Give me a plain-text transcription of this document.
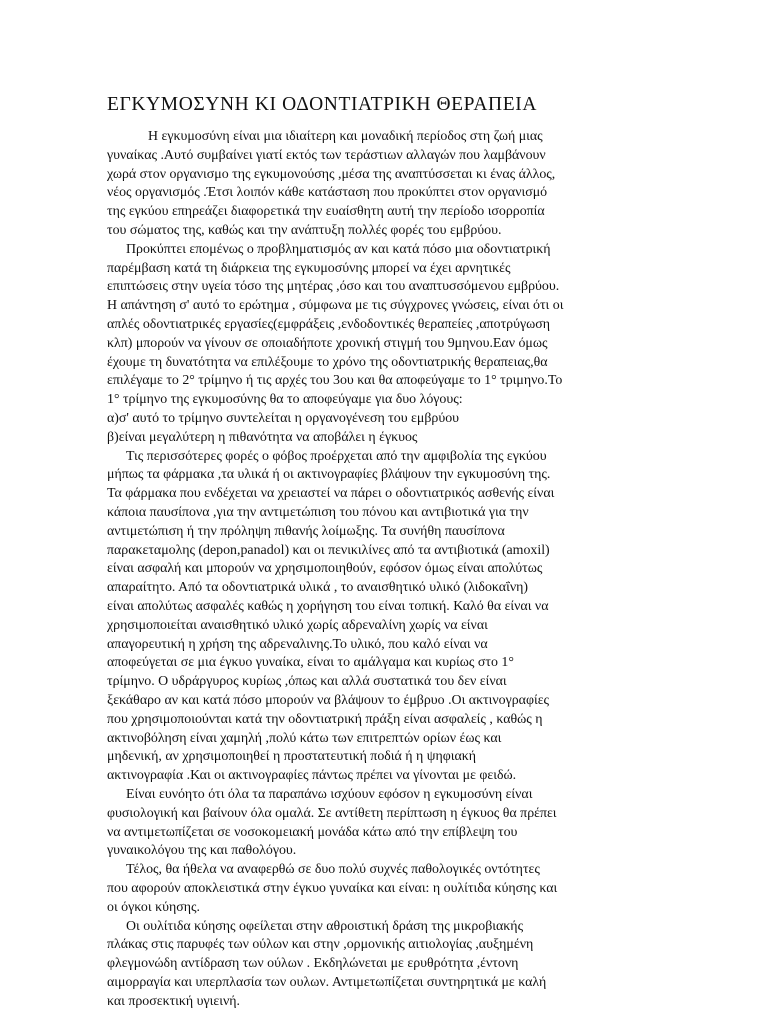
ΕΓΚΥΜΟΣΥΝΗ ΚΙ ΟΔΟΝΤΙΑΤΡΙΚΗ ΘΕΡΑΠΕΙΑ
Η εγκυμοσύνη είναι μια ιδιαίτερη και μοναδική περίοδος στη ζωή μιας
γυναίκας .Αυτό συμβαίνει γιατί εκτός των τεράστιων αλλαγών που λαμβάνουν
χωρά στον οργανισμο της εγκυμονούσης ,μέσα της αναπτύσσεται κι ένας άλλος,
νέος οργανισμός .Έτσι λοιπόν κάθε κατάσταση που προκύπτει στον οργανισμό
της εγκύου επηρεάζει διαφορετικά την ευαίσθητη αυτή την περίοδο ισορροπία
του σώματος της, καθώς και την ανάπτυξη πολλές φορές του εμβρύου.
Προκύπτει επομένως ο προβληματισμός αν και κατά πόσο μια οδοντιατρική
παρέμβαση κατά τη διάρκεια της εγκυμοσύνης μπορεί να έχει αρνητικές
επιπτώσεις στην υγεία τόσο της μητέρας ,όσο και του αναπτυσσόμενου εμβρύου.
Η απάντηση σ' αυτό το ερώτημα , σύμφωνα με τις σύγχρονες γνώσεις, είναι ότι οι
απλές οδοντιατρικές εργασίες(εμφράξεις ,ενδοδοντικές θεραπείες ,αποτρύγωση
κλπ) μπορούν να γίνουν σε οποιαδήποτε χρονική στιγμή του 9μηνου.Εαν όμως
έχουμε τη δυνατότητα να επιλέξουμε το χρόνο της οδοντιατρικής θεραπειας,θα
επιλέγαμε το 2° τρίμηνο ή τις αρχές του 3ου και θα αποφεύγαμε το 1° τριμηνο.Το
1° τρίμηνο της εγκυμοσύνης θα το αποφεύγαμε για δυο λόγους:
α)σ' αυτό το τρίμηνο συντελείται η οργανογένεση του εμβρύου
β)είναι μεγαλύτερη η πιθανότητα να αποβάλει η έγκυος
Τις περισσότερες φορές ο φόβος προέρχεται από την αμφιβολία της εγκύου
μήπως τα φάρμακα ,τα υλικά ή οι ακτινογραφίες βλάψουν την εγκυμοσύνη της.
Τα φάρμακα που ενδέχεται να χρειαστεί να πάρει ο οδοντιατρικός ασθενής είναι
κάποια παυσίπονα ,για την αντιμετώπιση του πόνου και αντιβιοτικά για την
αντιμετώπιση ή την πρόληψη πιθανής λοίμωξης. Τα συνήθη παυσίπονα
παρακεταμολης (depon,panadol) και οι πενικιλίνες από τα αντιβιοτικά (amoxil)
είναι ασφαλή και μπορούν να χρησιμοποιηθούν, εφόσον όμως είναι απολύτως
απαραίτητο. Από τα οδοντιατρικά υλικά , το αναισθητικό υλικό (λιδοκαΐνη)
είναι απολύτως ασφαλές καθώς η χορήγηση του είναι τοπική. Καλό θα είναι να
χρησιμοποιείται αναισθητικό υλικό χωρίς αδρεναλίνη χωρίς να είναι
απαγορευτική η χρήση της αδρεναλινης.Το υλικό, που καλό είναι να
αποφεύγεται σε μια έγκυο γυναίκα, είναι το αμάλγαμα και κυρίως στο 1°
τρίμηνο. Ο υδράργυρος κυρίως ,όπως και αλλά συστατικά του δεν είναι
ξεκάθαρο αν και κατά πόσο μπορούν να βλάψουν το έμβρυο .Οι ακτινογραφίες
που χρησιμοποιούνται κατά την οδοντιατρική πράξη είναι ασφαλείς , καθώς η
ακτινοβόληση είναι χαμηλή ,πολύ κάτω των επιτρεπτών ορίων έως και
μηδενική, αν χρησιμοποιηθεί η προστατευτική ποδιά ή η ψηφιακή
ακτινογραφία .Και οι ακτινογραφίες πάντως πρέπει να γίνονται με φειδώ.
Είναι ευνόητο ότι όλα τα παραπάνω ισχύουν εφόσον η εγκυμοσύνη είναι
φυσιολογική και βαίνουν όλα ομαλά. Σε αντίθετη περίπτωση η έγκυος θα πρέπει
να αντιμετωπίζεται σε νοσοκομειακή μονάδα κάτω από την επίβλεψη του
γυναικολόγου της και παθολόγου.
Τέλος, θα ήθελα να αναφερθώ σε δυο πολύ συχνές παθολογικές οντότητες
που αφορούν αποκλειστικά στην έγκυο γυναίκα και είναι: η ουλίτιδα κύησης και
οι όγκοι κύησης.
Οι ουλίτιδα κύησης οφείλεται στην αθροιστική δράση της μικροβιακής
πλάκας στις παρυφές των ούλων και στην ,ορμονικής αιτιολογίας ,αυξημένη
φλεγμονώδη αντίδραση των ούλων . Εκδηλώνεται με ερυθρότητα ,έντονη
αιμορραγία και υπερπλασία των ουλων. Αντιμετωπίζεται συντηρητικά με καλή
και προσεκτική υγιεινή.
